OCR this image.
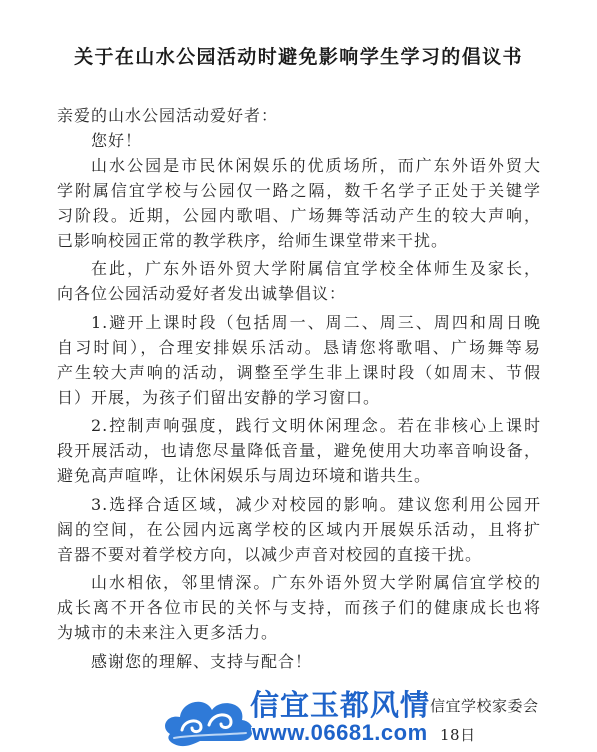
关于在山水公园活动时避免影响学生学习的倡议书
亲爱的山水公园活动爱好者：
您好！
山水公园是市民休闲娱乐的优质场所，而广东外语外贸大
学附属信宜学校与公园仅一路之隔，数千名学子正处于关键学
习阶段。近期，公园内歌唱、广场舞等活动产生的较大声响，
已影响校园正常的教学秩序，给师生课堂带来干扰。
在此，广东外语外贸大学附属信宜学校全体师生及家长，
向各位公园活动爱好者发出诚挚倡议：
1.避开上课时段（包括周一、周二、周三、周四和周日晚
自习时间），合理安排娱乐活动。恳请您将歌唱、广场舞等易
产生较大声响的活动，调整至学生非上课时段（如周末、节假
日）开展，为孩子们留出安静的学习窗口。
2.控制声响强度，践行文明休闲理念。若在非核心上课时
段开展活动，也请您尽量降低音量，避免使用大功率音响设备，
避免高声喧哗，让休闲娱乐与周边环境和谐共生。
3.选择合适区域，减少对校园的影响。建议您利用公园开
阔的空间，在公园内远离学校的区域内开展娱乐活动，且将扩
音器不要对着学校方向，以减少声音对校园的直接干扰。
山水相依，邻里情深。广东外语外贸大学附属信宜学校的
成长离不开各位市民的关怀与支持，而孩子们的健康成长也将
为城市的未来注入更多活力。
感谢您的理解、支持与配合！
信宜学校家委会
18日
信宜玉都风情
www.06681.com
